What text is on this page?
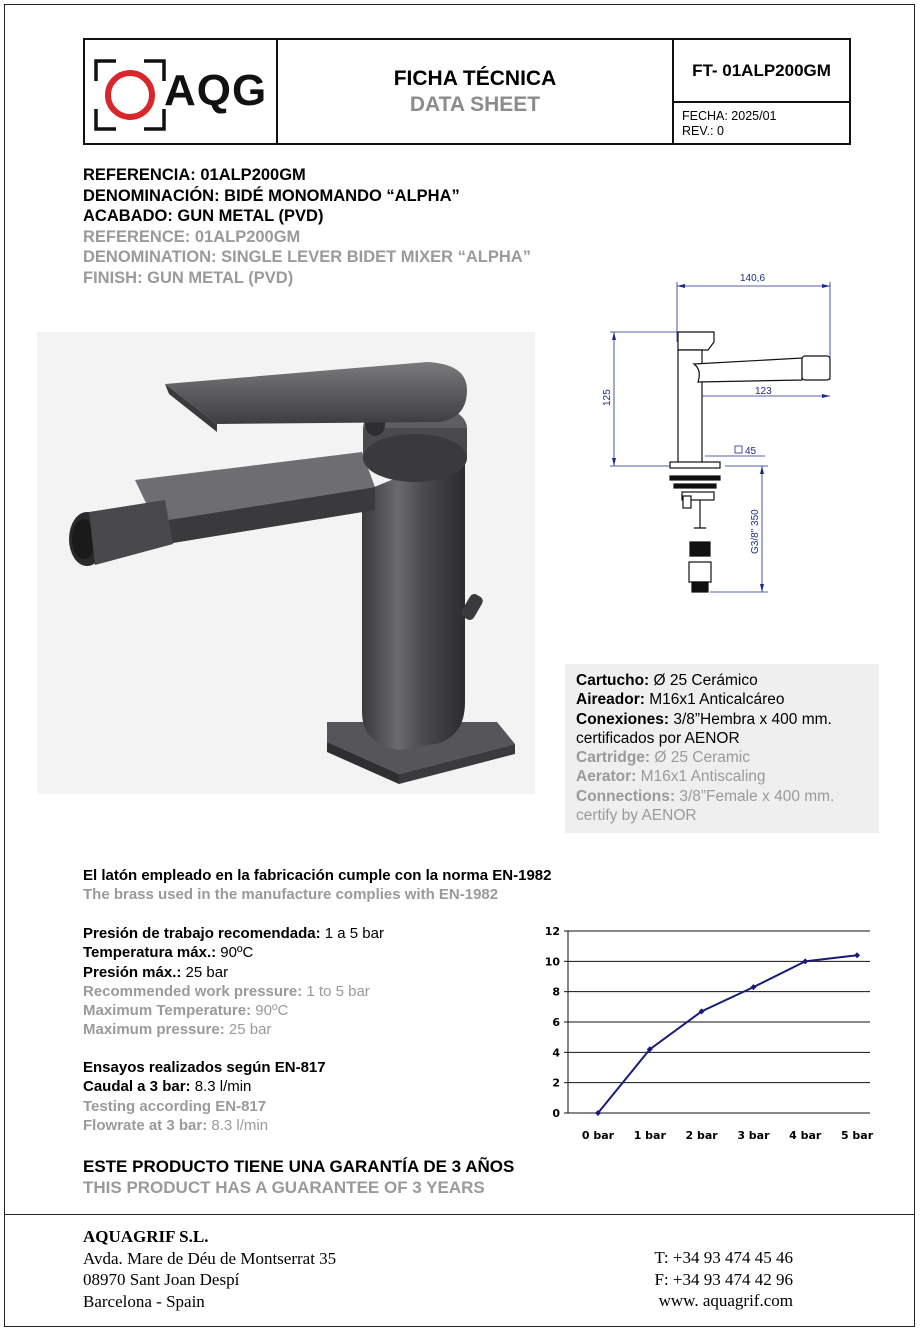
AQG	FICHA TÉCNICA
DATA SHEET
FT- 01ALP200GM
FECHA: 2025/01
REV.: 0
REFERENCIA: 01ALP200GM
DENOMINACIÓN: BIDÉ MONOMANDO “ALPHA”
ACABADO: GUN METAL (PVD)
REFERENCE: 01ALP200GM
DENOMINATION: SINGLE LEVER BIDET MIXER “ALPHA”
FINISH: GUN METAL (PVD)	140,6
125	123
45
G3/8" 350
Cartucho: Ø 25 Cerámico
Aireador: M16x1 Anticalcáreo
Conexiones: 3/8”Hembra x 400 mm.
certificados por AENOR
Cartridge: Ø 25 Ceramic
Aerator: M16x1 Antiscaling
Connections: 3/8”Female x 400 mm.
certify by AENOR
El latón empleado en la fabricación cumple con la norma EN-1982
The brass used in the manufacture complies with EN-1982
Presión de trabajo recomendada: 1 a 5 bar
Temperatura máx.: 90ºC
Presión máx.: 25 bar
Recommended work pressure: 1 to 5 bar
Maximum Temperature: 90ºC
Maximum pressure: 25 bar
Ensayos realizados según EN-817
Caudal a 3 bar: 8.3 l/min
Testing according EN-817
Flowrate at 3 bar: 8.3 l/min
0
2
4
6
8
10
12
0 bar 1 bar 2 bar 3 bar 4 bar 5 bar
ESTE PRODUCTO TIENE UNA GARANTÍA DE 3 AÑOS
THIS PRODUCT HAS A GUARANTEE OF 3 YEARS
AQUAGRIF S.L.
Avda. Mare de Déu de Montserrat 35
08970 Sant Joan Despí
Barcelona - Spain
T: +34 93 474 45 46
F: +34 93 474 42 96
www. aquagrif.com
